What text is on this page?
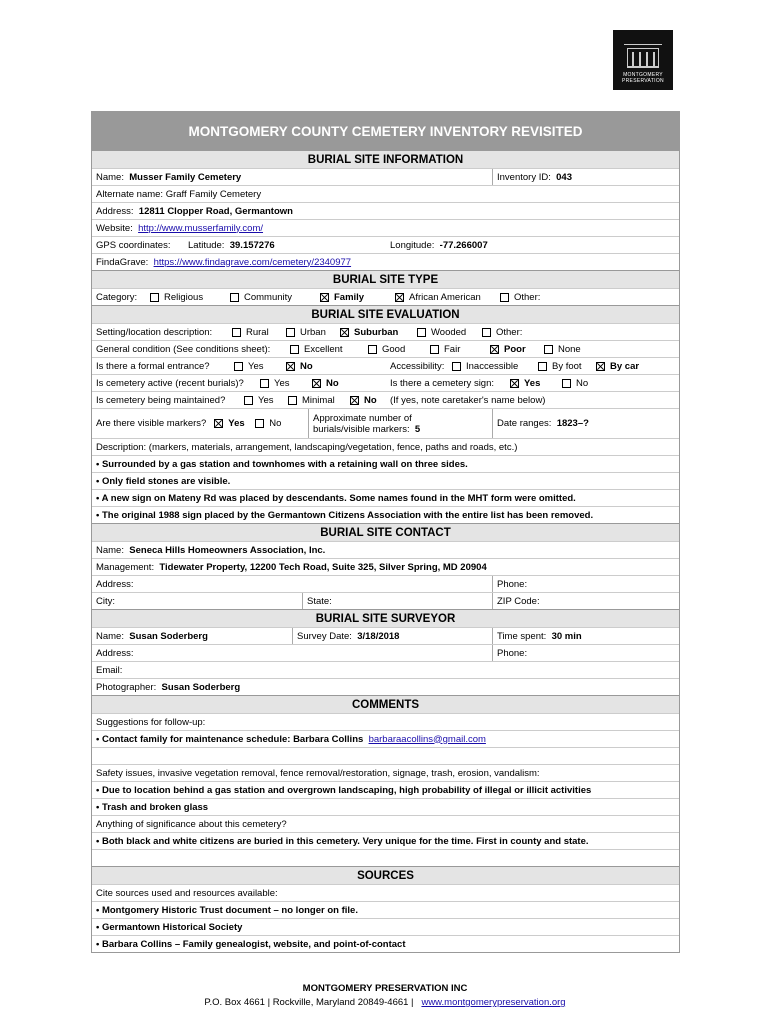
MONTGOMERY
PRESERVATION
MONTGOMERY COUNTY CEMETERY INVENTORY REVISITED
BURIAL SITE INFORMATION
Name:
Musser Family Cemetery	Inventory ID:
043
Alternate name: Graff Family Cemetery
Address:
12811 Clopper Road, Germantown
Website:
http://www.musserfamily.com/
GPS coordinates: Latitude:
39.157276	Longitude:
-77.266007
FindaGrave:
https://www.findagrave.com/cemetery/2340977
BURIAL SITE TYPE
Category:	Religious	Community	Family	African American	Other:
BURIAL SITE EVALUATION
Setting/location description:	Rural	Urban	Suburban	Wooded	Other:
General condition (See conditions sheet):	Excellent	Good	Fair	Poor	None
Is there a formal entrance?	Yes	No	Accessibility: Inaccessible	By foot	By car
Is cemetery active (recent burials)?	Yes	No	Is there a cemetery sign:	Yes	No
Is cemetery being maintained?	Yes	Minimal	No (If yes, note caretaker's name below)
Are there visible markers?
Yes
	No	Approximate number of
burials/visible markers: 5	Date ranges:
1823–?
Description: (markers, materials, arrangement, landscaping/vegetation, fence, paths and roads, etc.)
• Surrounded by a gas station and townhomes with a retaining wall on three sides.
• Only field stones are visible.
• A new sign on Mateny Rd was placed by descendants. Some names found in the MHT form were omitted.
• The original 1988 sign placed by the Germantown Citizens Association with the entire list has been removed.
BURIAL SITE CONTACT
Name:
Seneca Hills Homeowners Association, Inc.
Management:
Tidewater Property, 12200 Tech Road, Suite 325, Silver Spring, MD 20904
Address:	Phone:
City:	State:	ZIP Code:
BURIAL SITE SURVEYOR
Name:
Susan Soderberg	Survey Date:
3/18/2018	Time spent:
30 min
Address:	Phone:
Email:
Photographer:
Susan Soderberg
COMMENTS
Suggestions for follow-up:
• Contact family for maintenance schedule: Barbara Collins
barbaraacollins@gmail.com
Safety issues, invasive vegetation removal, fence removal/restoration, signage, trash, erosion, vandalism:
• Due to location behind a gas station and overgrown landscaping, high probability of illegal or illicit activities
• Trash and broken glass
Anything of significance about this cemetery?
• Both black and white citizens are buried in this cemetery. Very unique for the time. First in county and state.
SOURCES
Cite sources used and resources available:
• Montgomery Historic Trust document – no longer on file.
• Germantown Historical Society
• Barbara Collins – Family genealogist, website, and point-of-contact
MONTGOMERY PRESERVATION INC
P.O. Box 4661 | Rockville, Maryland 20849-4661 | www.montgomerypreservation.org
